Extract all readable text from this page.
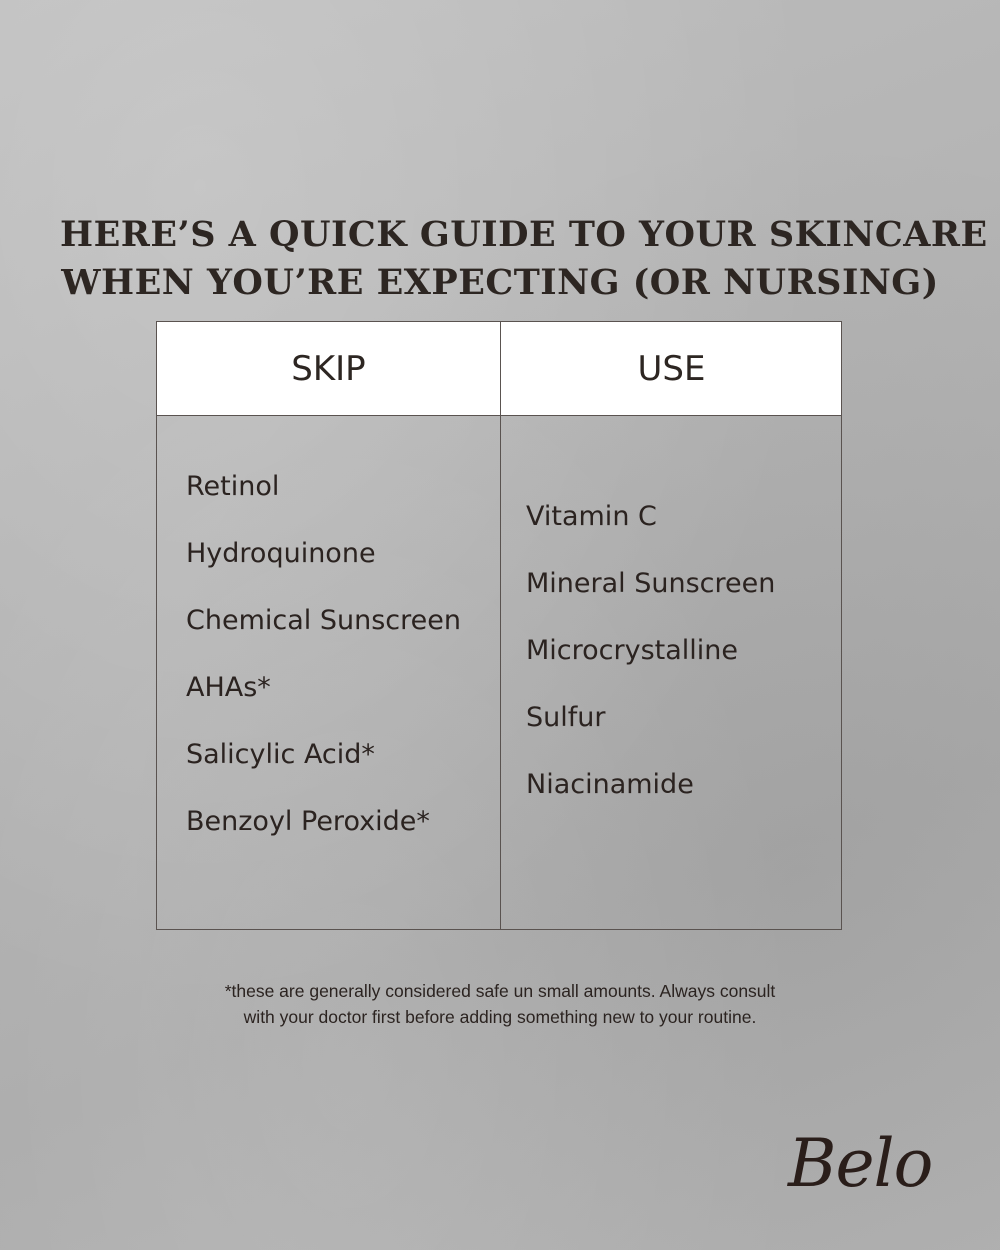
HERE’S A QUICK GUIDE TO YOUR SKINCARE
WHEN YOU’RE EXPECTING (OR NURSING)
SKIP	USE
Retinol
Hydroquinone
Chemical Sunscreen
AHAs*
Salicylic Acid*
Benzoyl Peroxide*
Vitamin C
Mineral Sunscreen
Microcrystalline
Sulfur
Niacinamide

*these are generally considered safe un small amounts. Always consult
with your doctor first before adding something new to your routine.

Belo
